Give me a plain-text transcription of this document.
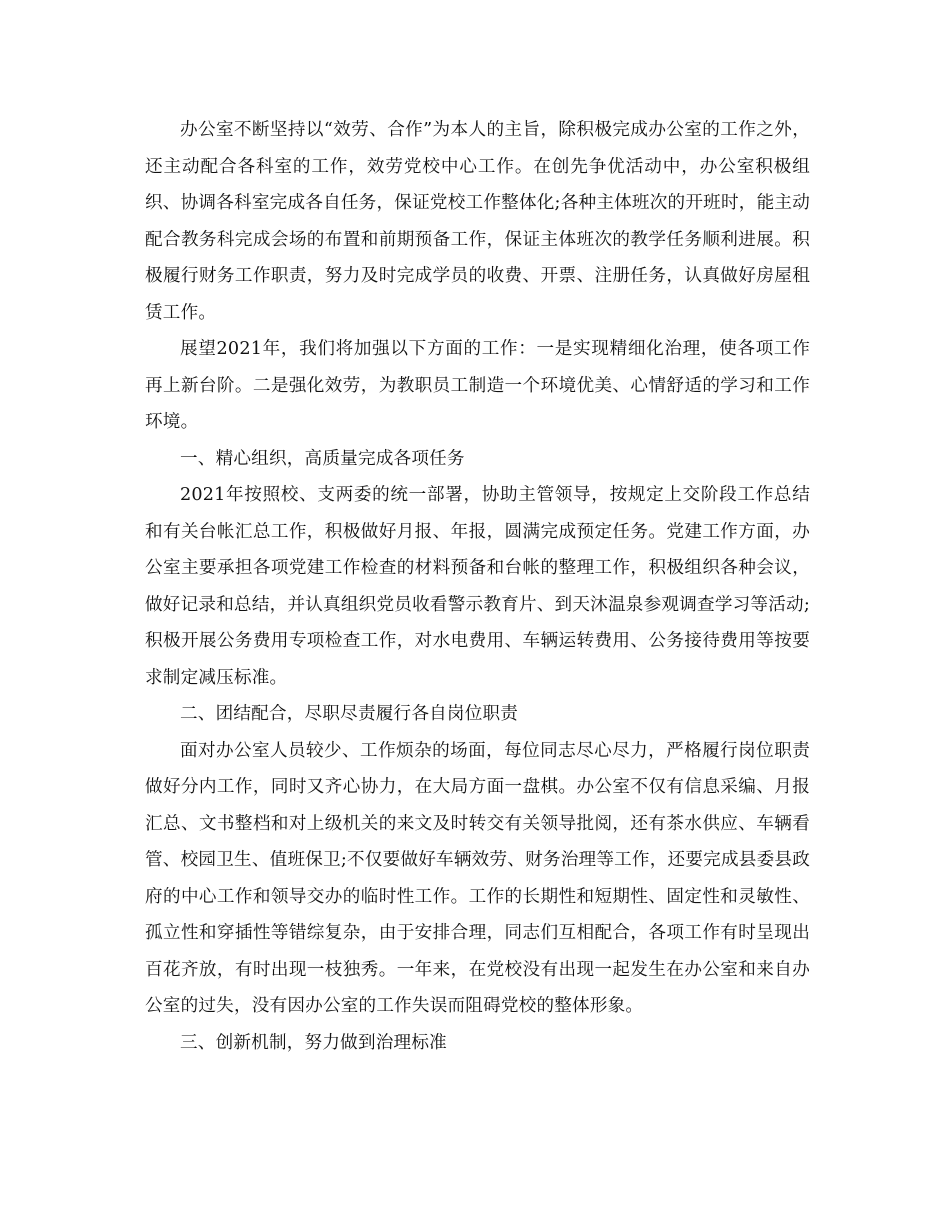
办公室不断坚持以“效劳、合作”为本人的主旨，除积极完成办公室的工作之外，还主动配合各科室的工作，效劳党校中心工作。在创先争优活动中，办公室积极组织、协调各科室完成各自任务，保证党校工作整体化;各种主体班次的开班时，能主动配合教务科完成会场的布置和前期预备工作，保证主体班次的教学任务顺利进展。积极履行财务工作职责，努力及时完成学员的收费、开票、注册任务，认真做好房屋租赁工作。

展望2021年，我们将加强以下方面的工作：一是实现精细化治理，使各项工作再上新台阶。二是强化效劳，为教职员工制造一个环境优美、心情舒适的学习和工作环境。

一、精心组织，高质量完成各项任务

2021年按照校、支两委的统一部署，协助主管领导，按规定上交阶段工作总结和有关台帐汇总工作，积极做好月报、年报，圆满完成预定任务。党建工作方面，办公室主要承担各项党建工作检查的材料预备和台帐的整理工作，积极组织各种会议，做好记录和总结，并认真组织党员收看警示教育片、到天沐温泉参观调查学习等活动;积极开展公务费用专项检查工作，对水电费用、车辆运转费用、公务接待费用等按要求制定减压标准。

二、团结配合，尽职尽责履行各自岗位职责

面对办公室人员较少、工作烦杂的场面，每位同志尽心尽力，严格履行岗位职责做好分内工作，同时又齐心协力，在大局方面一盘棋。办公室不仅有信息采编、月报汇总、文书整档和对上级机关的来文及时转交有关领导批阅，还有茶水供应、车辆看管、校园卫生、值班保卫;不仅要做好车辆效劳、财务治理等工作，还要完成县委县政府的中心工作和领导交办的临时性工作。工作的长期性和短期性、固定性和灵敏性、孤立性和穿插性等错综复杂，由于安排合理，同志们互相配合，各项工作有时呈现出百花齐放，有时出现一枝独秀。一年来，在党校没有出现一起发生在办公室和来自办公室的过失，没有因办公室的工作失误而阻碍党校的整体形象。

三、创新机制，努力做到治理标准
